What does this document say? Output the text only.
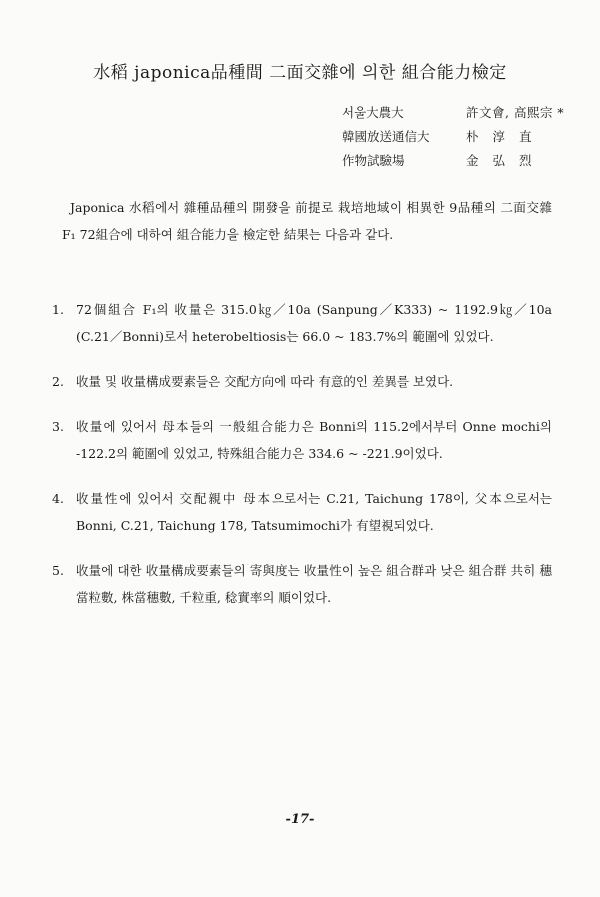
水稻 japonica品種間 二面交雜에 의한 組合能力檢定
서울大農大	許文會, 高熙宗 *
韓國放送通信大	朴 淳 直
作物試驗場	金 弘 烈
Japonica 水稻에서 雜種品種의 開發을 前提로 栽培地域이 相異한 9品種의 二面交雜 F₁ 72組合에 대하여 組合能力을 檢定한 結果는 다음과 같다.
1. 72個組合 F₁의 收量은 315.0㎏／10a (Sanpung／K333) ~ 1192.9㎏／10a (C.21／Bonni)로서 heterobeltiosis는 66.0 ~ 183.7%의 範圍에 있었다.
2. 收量 및 收量構成要素들은 交配方向에 따라 有意的인 差異를 보였다.
3. 收量에 있어서 母本들의 一般組合能力은 Bonni의 115.2에서부터 Onne mochi의 -122.2의 範圍에 있었고, 特殊組合能力은 334.6 ~ -221.9이었다.
4. 收量性에 있어서 交配親中 母本으로서는 C.21, Taichung 178이, 父本으로서는 Bonni, C.21, Taichung 178, Tatsumimochi가 有望視되었다.
5. 收量에 대한 收量構成要素들의 寄與度는 收量性이 높은 組合群과 낮은 組合群 共히 穗當粒數, 株當穗數, 千粒重, 稔實率의 順이었다.
-17-
